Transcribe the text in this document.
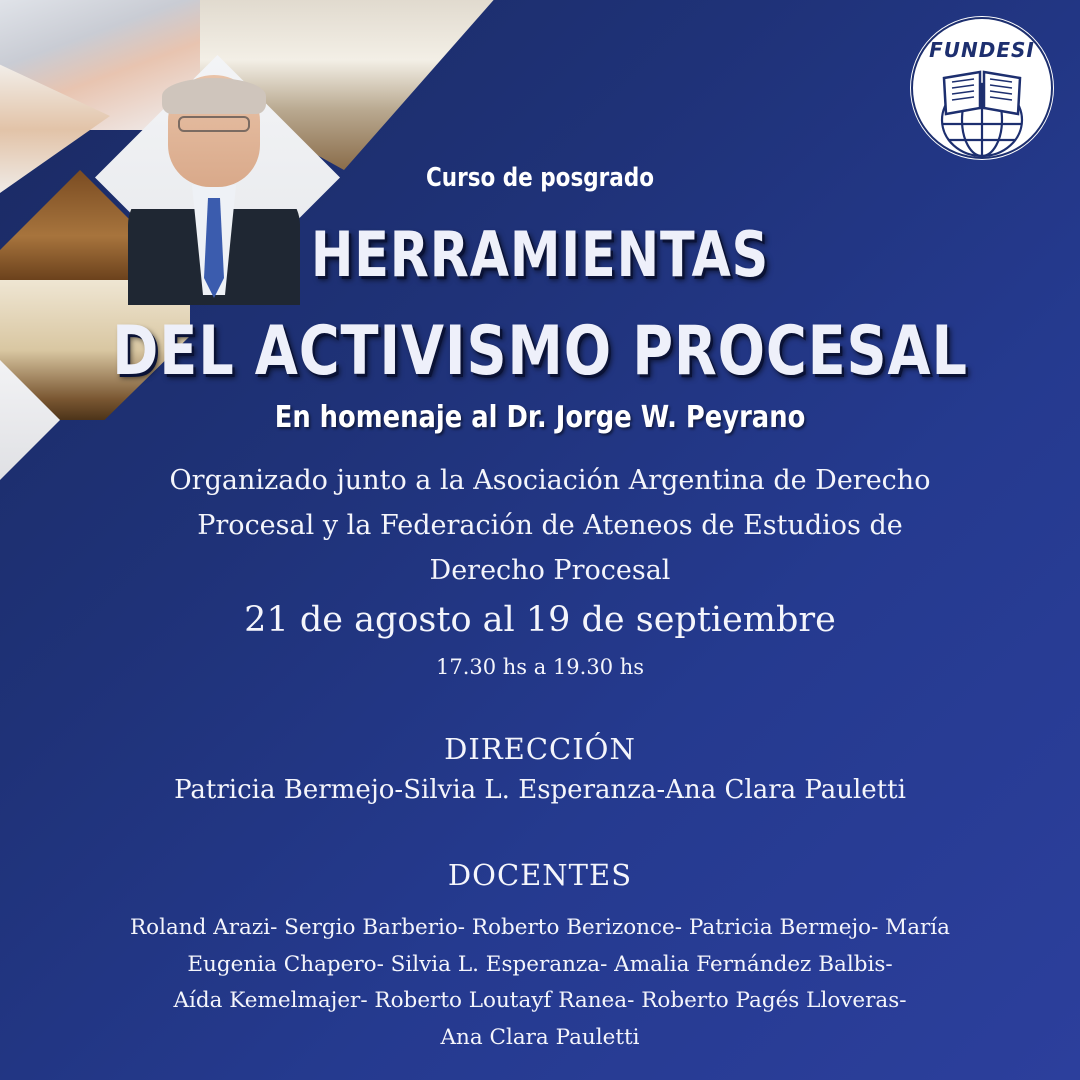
FUNDESI
Curso de posgrado
HERRAMIENTAS
DEL ACTIVISMO PROCESAL
En homenaje al Dr. Jorge W. Peyrano
Organizado junto a la Asociación Argentina de Derecho
Procesal y la Federación de Ateneos de Estudios de
Derecho Procesal
21 de agosto al 19 de septiembre
17.30 hs a 19.30 hs
DIRECCIÓN
Patricia Bermejo-Silvia L. Esperanza-Ana Clara Pauletti
DOCENTES
Roland Arazi- Sergio Barberio- Roberto Berizonce- Patricia Bermejo- María
Eugenia Chapero- Silvia L. Esperanza- Amalia Fernández Balbis-
Aída Kemelmajer- Roberto Loutayf Ranea- Roberto Pagés Lloveras-
Ana Clara Pauletti
